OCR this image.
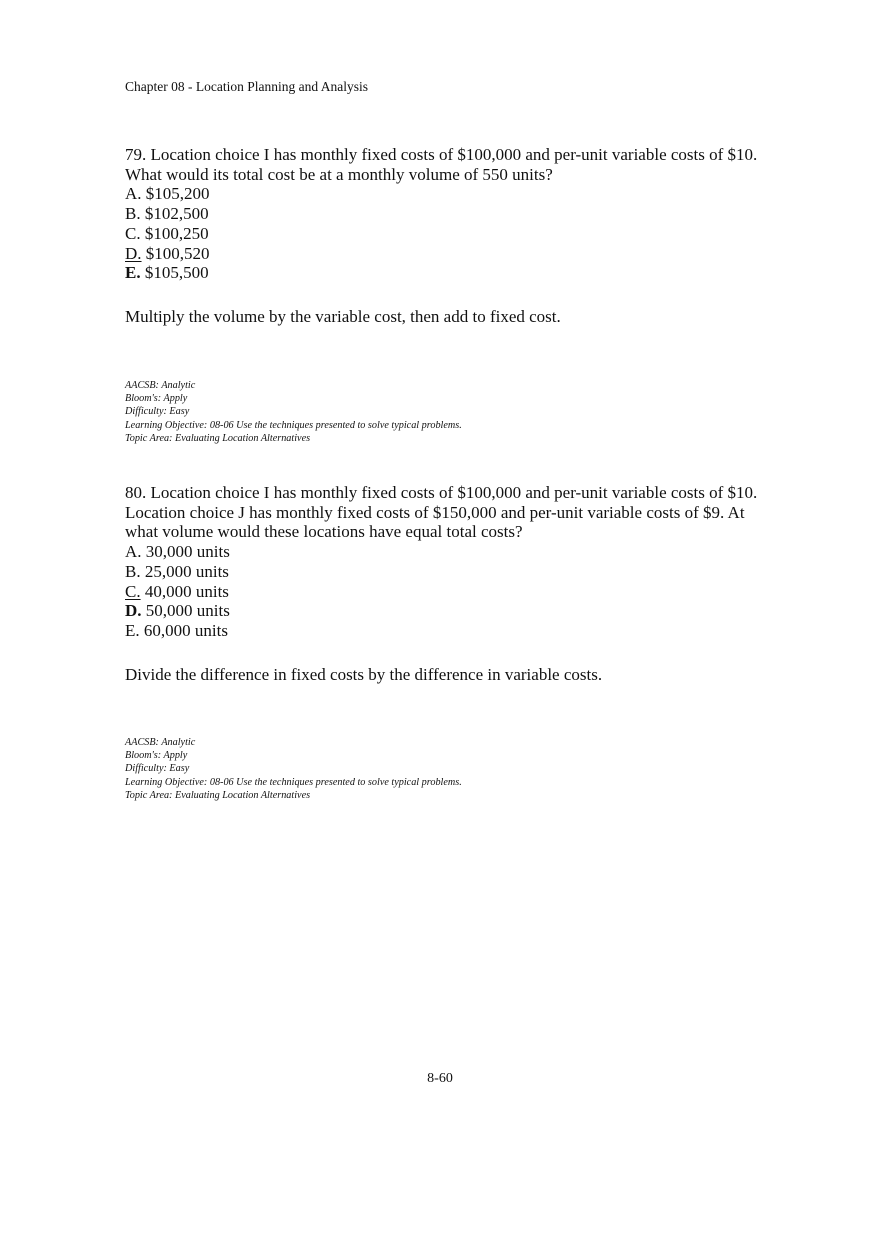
Chapter 08 - Location Planning and Analysis
79. Location choice I has monthly fixed costs of $100,000 and per-unit variable costs of $10.
What would its total cost be at a monthly volume of 550 units?
A. $105,200
B. $102,500
C. $100,250
D. $100,520
E. $105,500
Multiply the volume by the variable cost, then add to fixed cost.
AACSB: Analytic
Bloom's: Apply
Difficulty: Easy
Learning Objective: 08-06 Use the techniques presented to solve typical problems.
Topic Area: Evaluating Location Alternatives
80. Location choice I has monthly fixed costs of $100,000 and per-unit variable costs of $10.
Location choice J has monthly fixed costs of $150,000 and per-unit variable costs of $9. At
what volume would these locations have equal total costs?
A. 30,000 units
B. 25,000 units
C. 40,000 units
D. 50,000 units
E. 60,000 units
Divide the difference in fixed costs by the difference in variable costs.
AACSB: Analytic
Bloom's: Apply
Difficulty: Easy
Learning Objective: 08-06 Use the techniques presented to solve typical problems.
Topic Area: Evaluating Location Alternatives
8-60
